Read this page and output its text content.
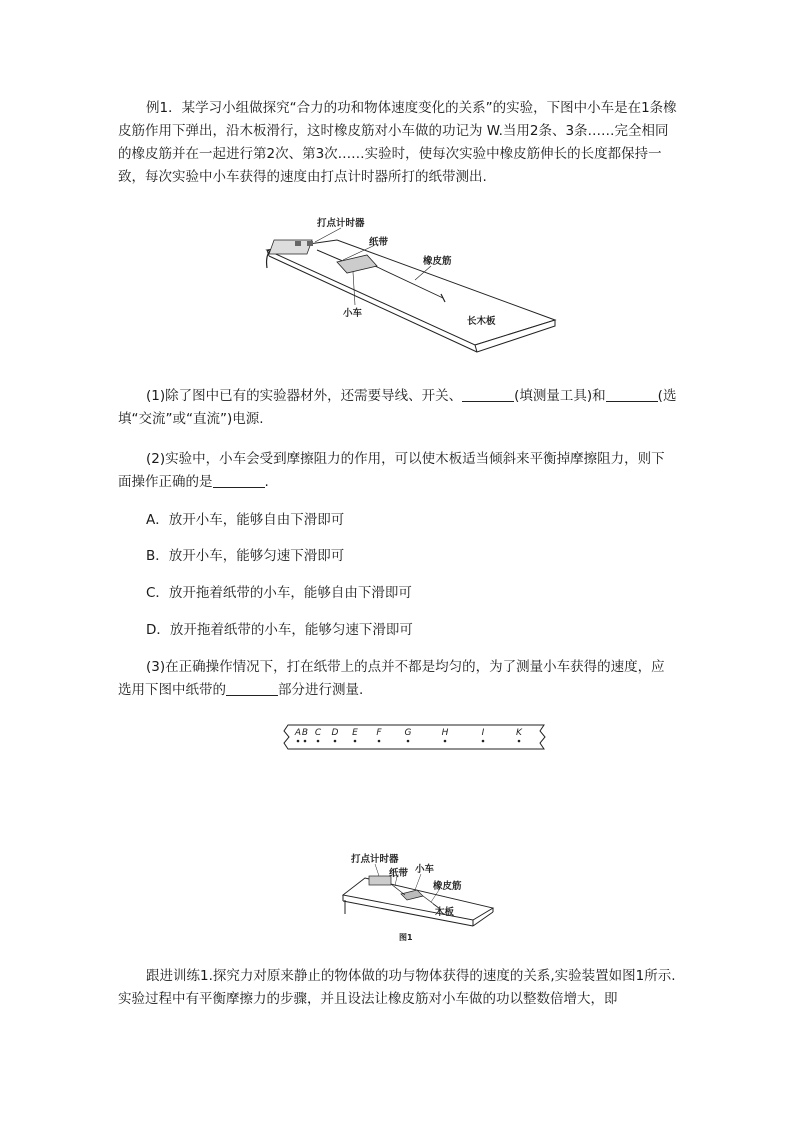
例1．某学习小组做探究“合力的功和物体速度变化的关系”的实验，下图中小车是在1条橡皮筋作用下弹出，沿木板滑行，这时橡皮筋对小车做的功记为 W.当用2条、3条……完全相同的橡皮筋并在一起进行第2次、第3次……实验时，使每次实验中橡皮筋伸长的长度都保持一致，每次实验中小车获得的速度由打点计时器所打的纸带测出.
打点计时器
纸带
橡皮筋
小车
长木板
(1)除了图中已有的实验器材外，还需要导线、开关、	(填测量工具)和	(选填“交流”或“直流”)电源.
(2)实验中，小车会受到摩擦阻力的作用，可以使木板适当倾斜来平衡掉摩擦阻力，则下面操作正确的是	.
A．放开小车，能够自由下滑即可
B．放开小车，能够匀速下滑即可
C．放开拖着纸带的小车，能够自由下滑即可
D．放开拖着纸带的小车，能够匀速下滑即可
(3)在正确操作情况下，打在纸带上的点并不都是均匀的，为了测量小车获得的速度，应选用下图中纸带的	部分进行测量.
A B C D E F	G	H	I	K
打点计时器
纸带 小车
橡皮筋
木板
图1
跟进训练1.探究力对原来静止的物体做的功与物体获得的速度的关系,实验装置如图1所示.实验过程中有平衡摩擦力的步骤，并且设法让橡皮筋对小车做的功以整数倍增大，即
